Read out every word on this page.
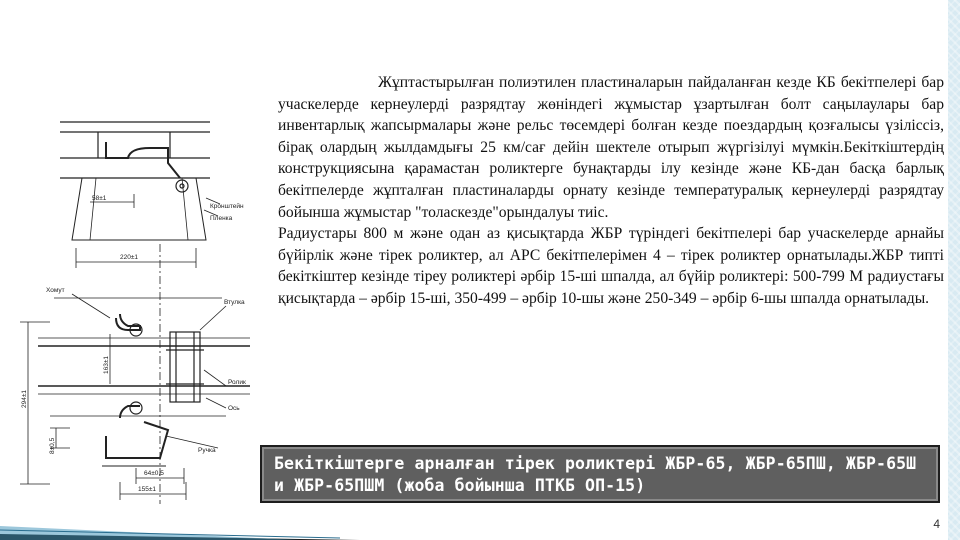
Жұптастырылған полиэтилен пластиналарын пайдаланған кезде КБ бекітпелері бар учаскелерде кернеулерді разрядтау жөніндегі жұмыстар ұзартылған болт саңылаулары бар инвентарлық жапсырмалары және рельс төсемдері болған кезде поездардың қозғалысы үзіліссіз, бірақ олардың жылдамдығы 25 км/сағ дейін шектеле отырып жүргізілуі мүмкін.Бекіткіштердің конструкциясына қарамастан роликтерге бунақтарды ілу кезінде және КБ-дан басқа барлық бекітпелерде жұпталған пластиналарды орнату кезінде температуралық кернеулерді разрядтау бойынша жұмыстар "толаскезде"орындалуы тиіс.

Радиустары 800 м және одан аз қисықтарда ЖБР түріндегі бекітпелері бар учаскелерде арнайы бүйірлік және тірек роликтер, ал АРС бекітпелерімен 4 – тірек роликтер орнатылады.ЖБР типті бекіткіштер кезінде тіреу роликтері әрбір 15-ші шпалда, ал бүйір роликтері: 500-799 М радиустағы қисықтарда – әрбір 15-ші, 350-499 – әрбір 10-шы және 250-349 – әрбір 6-шы шпалда орнатылады.

Кронштейн
Пленка
Хомут
Втулка
Ролик
Ось
Ручка
58±1
220±1
294±1
163±1
8±0,5
64±0,5
155±1
Бекіткіштерге арналған тірек роликтері ЖБР-65, ЖБР-65ПШ, ЖБР-65Ш и ЖБР-65ПШМ (жоба бойынша ПТКБ ОП-15)
4
